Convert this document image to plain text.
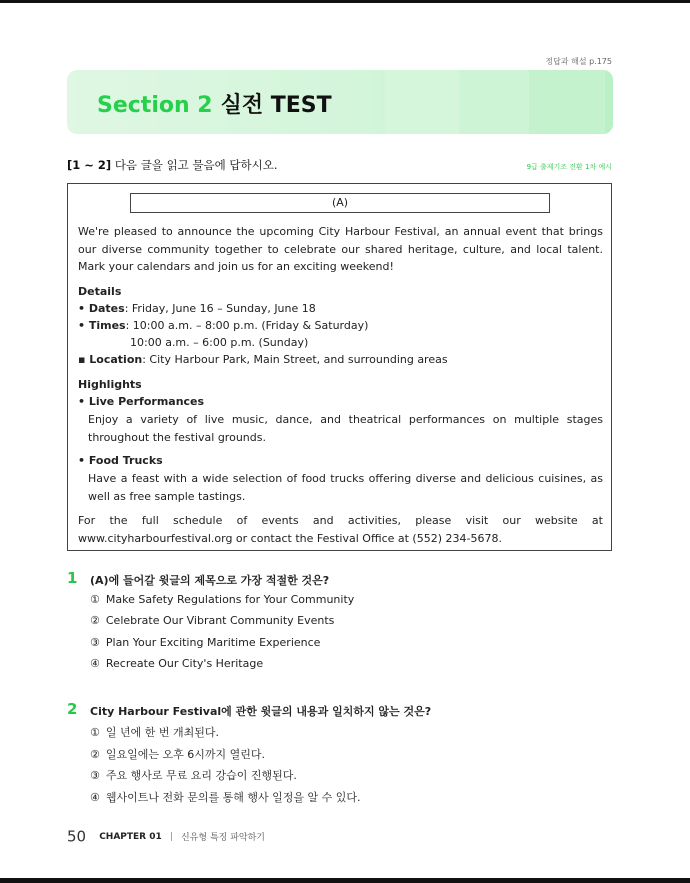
정답과 해설 p.175
Section 2 실전 TEST
[1 ~ 2] 다음 글을 읽고 물음에 답하시오.	9급 출제기조 전환 1차 예시
(A)
We're pleased to announce the upcoming City Harbour Festival, an annual event that brings our diverse community together to celebrate our shared heritage, culture, and local talent. Mark your calendars and join us for an exciting weekend!
Details
• Dates: Friday, June 16 – Sunday, June 18
• Times: 10:00 a.m. – 8:00 p.m. (Friday & Saturday)
10:00 a.m. – 6:00 p.m. (Sunday)
▪ Location: City Harbour Park, Main Street, and surrounding areas
Highlights
• Live Performances
Enjoy a variety of live music, dance, and theatrical performances on multiple stages throughout the festival grounds.
• Food Trucks
Have a feast with a wide selection of food trucks offering diverse and delicious cuisines, as well as free sample tastings.
For the full schedule of events and activities, please visit our website at www.cityharbourfestival.org or contact the Festival Office at (552) 234-5678.
1 (A)에 들어갈 윗글의 제목으로 가장 적절한 것은?
① Make Safety Regulations for Your Community
② Celebrate Our Vibrant Community Events
③ Plan Your Exciting Maritime Experience
④ Recreate Our City's Heritage
2 City Harbour Festival에 관한 윗글의 내용과 일치하지 않는 것은?
① 일 년에 한 번 개최된다.
② 일요일에는 오후 6시까지 열린다.
③ 주요 행사로 무료 요리 강습이 진행된다.
④ 웹사이트나 전화 문의를 통해 행사 일정을 알 수 있다.
50 CHAPTER 01 | 신유형 특징 파악하기
